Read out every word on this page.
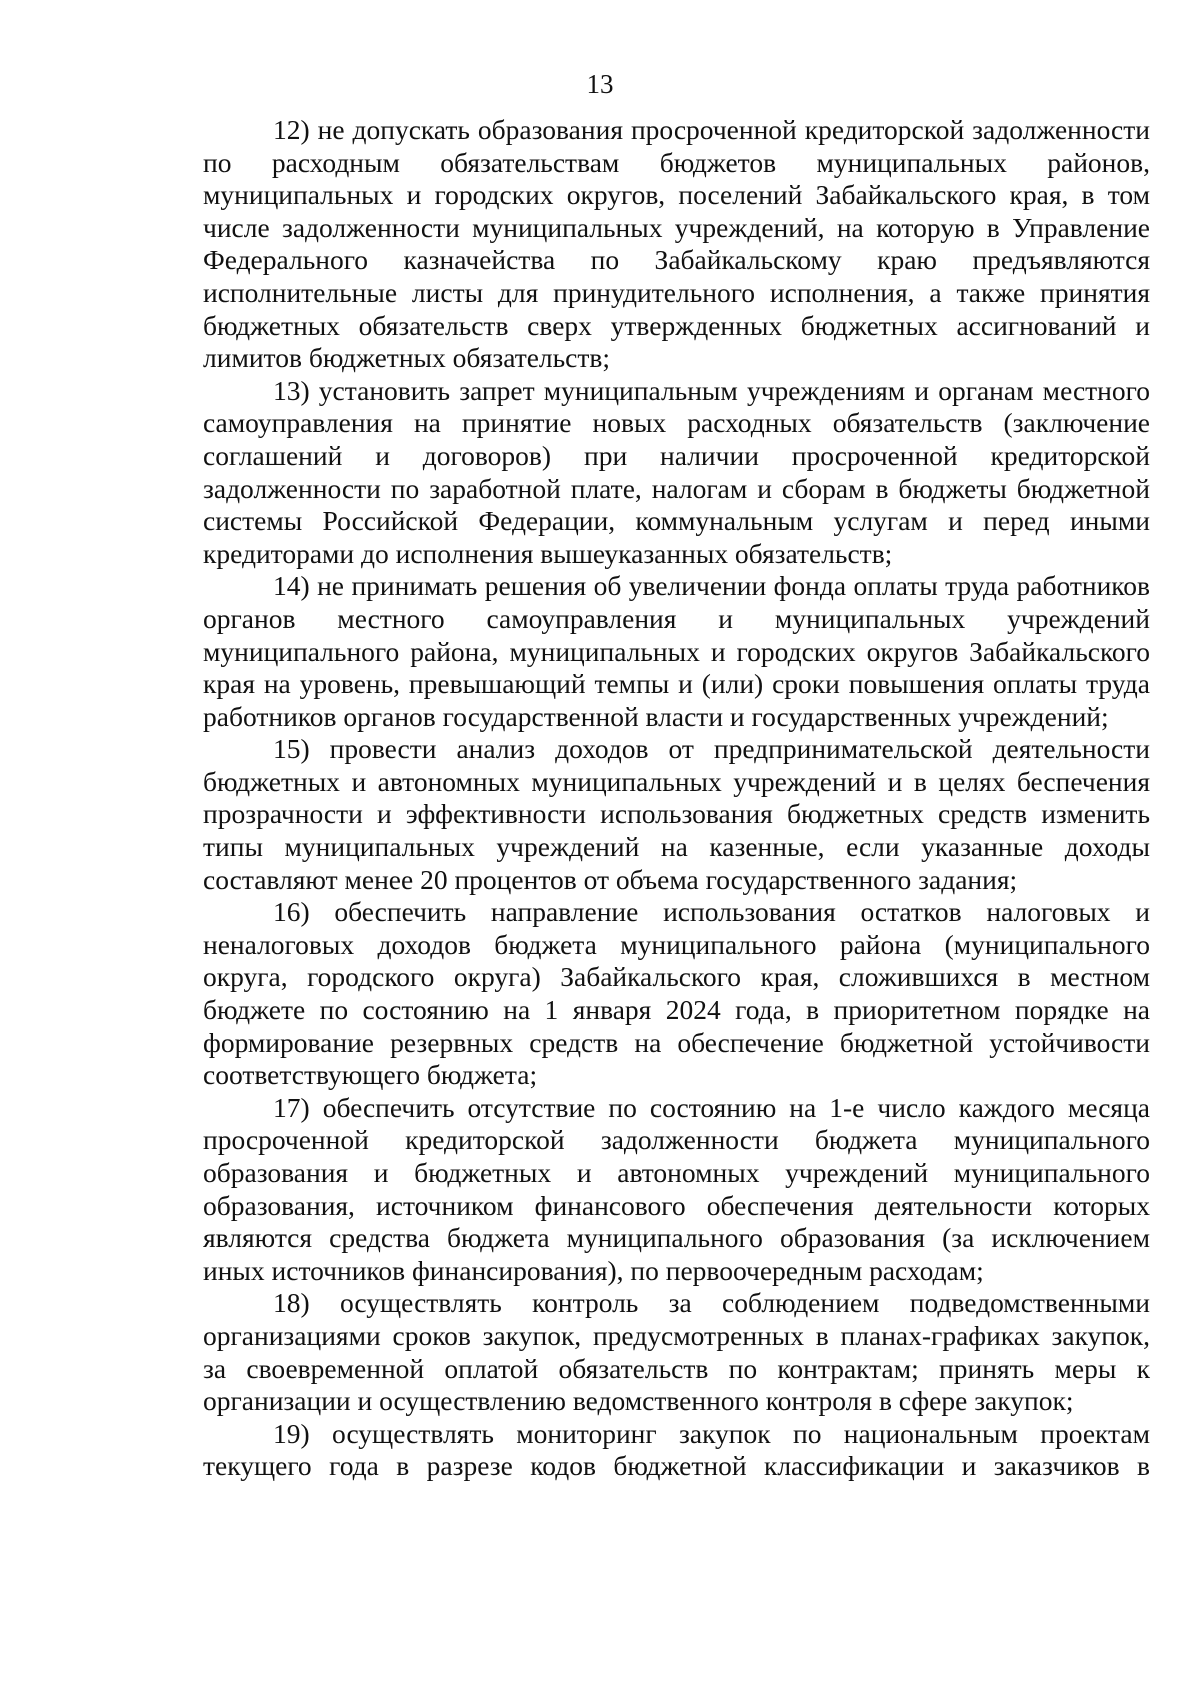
13

12) не допускать образования просроченной кредиторской задолженности по расходным обязательствам бюджетов муниципальных районов, муниципальных и городских округов, поселений Забайкальского края, в том числе задолженности муниципальных учреждений, на которую в Управление Федерального казначейства по Забайкальскому краю предъявляются исполнительные листы для принудительного исполнения, а также принятия бюджетных обязательств сверх утвержденных бюджетных ассигнований и лимитов бюджетных обязательств;

13) установить запрет муниципальным учреждениям и органам местного самоуправления на принятие новых расходных обязательств (заключение соглашений и договоров) при наличии просроченной кредиторской задолженности по заработной плате, налогам и сборам в бюджеты бюджетной системы Российской Федерации, коммунальным услугам и перед иными кредиторами до исполнения вышеуказанных обязательств;

14) не принимать решения об увеличении фонда оплаты труда работников органов местного самоуправления и муниципальных учреждений муниципального района, муниципальных и городских округов Забайкальского края на уровень, превышающий темпы и (или) сроки повышения оплаты труда работников органов государственной власти и государственных учреждений;

15) провести анализ доходов от предпринимательской деятельности бюджетных и автономных муниципальных учреждений и в целях беспечения прозрачности и эффективности использования бюджетных средств изменить типы муниципальных учреждений на казенные, если указанные доходы составляют менее 20 процентов от объема государственного задания;

16) обеспечить направление использования остатков налоговых и неналоговых доходов бюджета муниципального района (муниципального округа, городского округа) Забайкальского края, сложившихся в местном бюджете по состоянию на 1 января 2024 года, в приоритетном порядке на формирование резервных средств на обеспечение бюджетной устойчивости соответствующего бюджета;

17) обеспечить отсутствие по состоянию на 1-е число каждого месяца просроченной кредиторской задолженности бюджета муниципального образования и бюджетных и автономных учреждений муниципального образования, источником финансового обеспечения деятельности которых являются средства бюджета муниципального образования (за исключением иных источников финансирования), по первоочередным расходам;

18) осуществлять контроль за соблюдением подведомственными организациями сроков закупок, предусмотренных в планах-графиках закупок, за своевременной оплатой обязательств по контрактам; принять меры к организации и осуществлению ведомственного контроля в сфере закупок;

19) осуществлять мониторинг закупок по национальным проектам текущего года в разрезе кодов бюджетной классификации и заказчиков в
